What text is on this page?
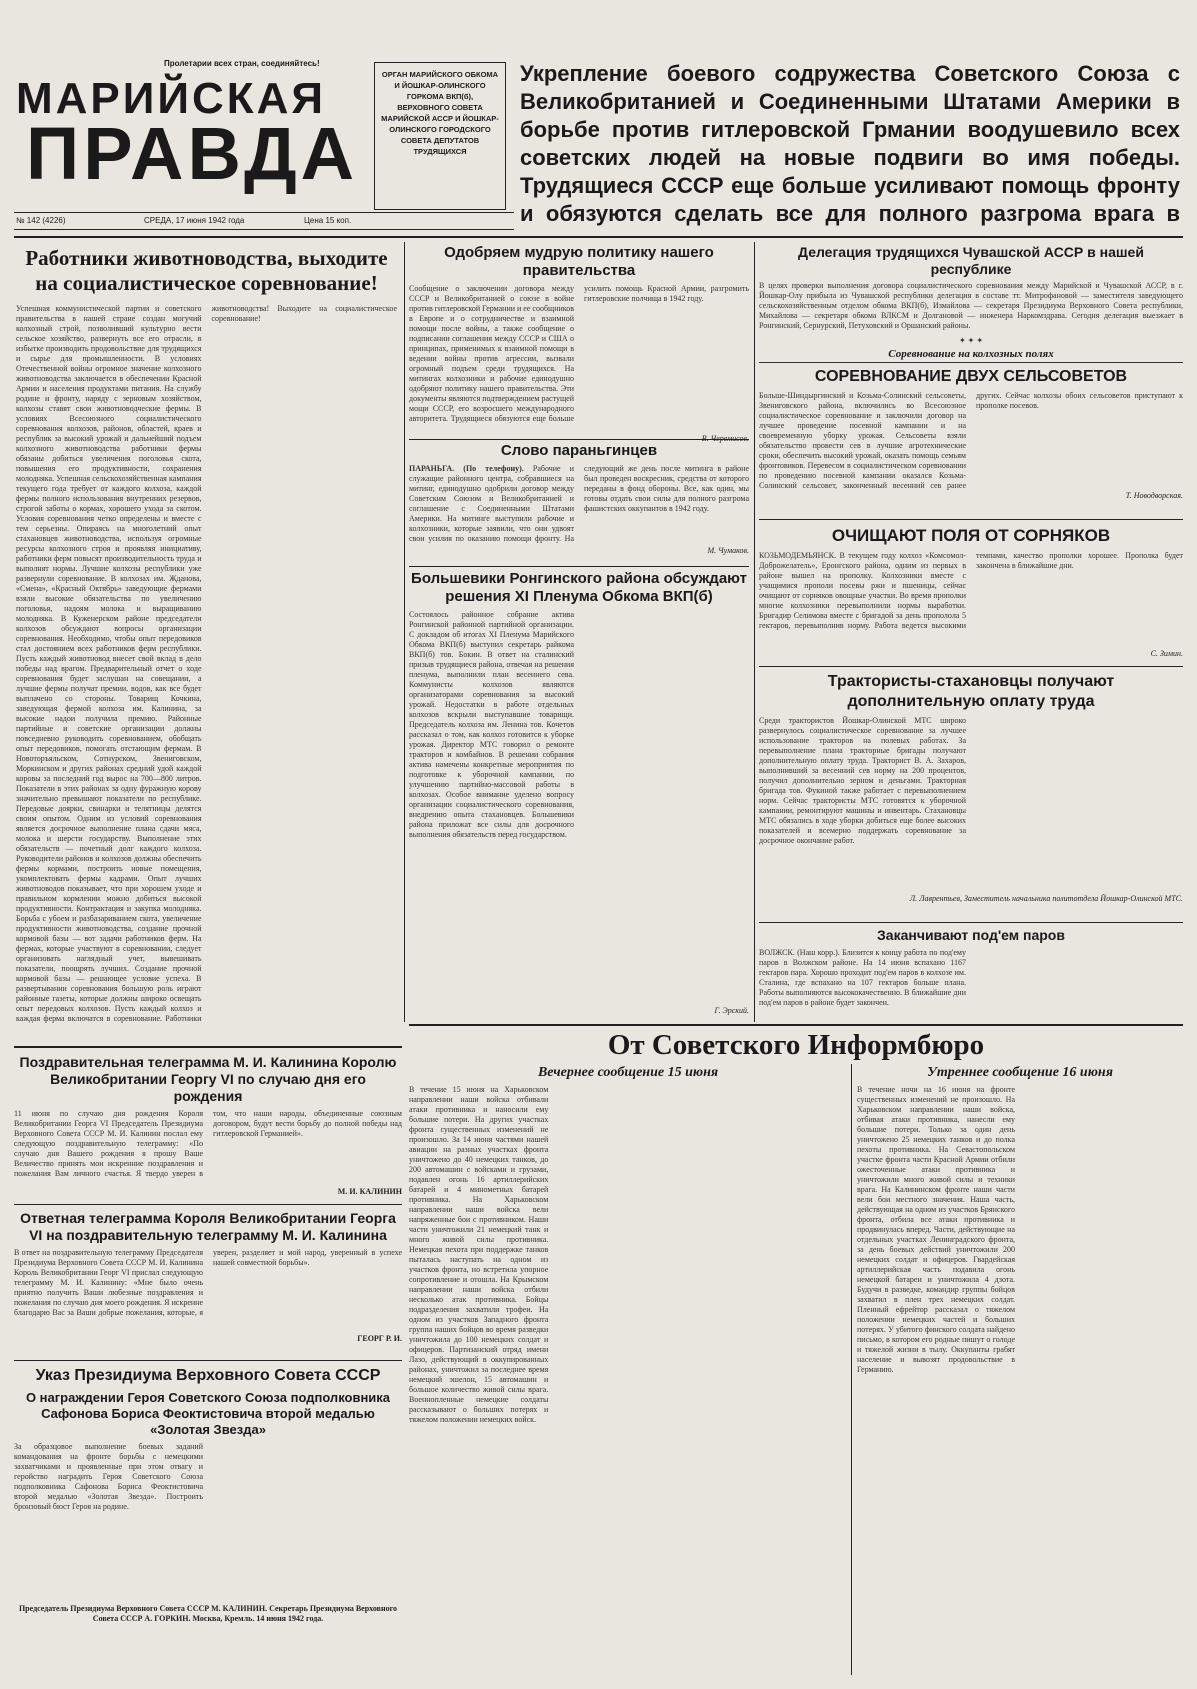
Пролетарии всех стран, соединяйтесь!
МАРИЙСКАЯ
ПРАВДА
ОРГАН МАРИЙСКОГО ОБКОМА И ЙОШКАР-ОЛИНСКОГО ГОРКОМА ВКП(б), ВЕРХОВНОГО СОВЕТА МАРИЙСКОЙ АССР И ЙОШКАР-ОЛИНСКОГО ГОРОДСКОГО СОВЕТА ДЕПУТАТОВ ТРУДЯЩИХСЯ
№ 142 (4226)	СРЕДА, 17 июня 1942 года	Цена 15 коп.
Укрепление боевого содружества Советского Союза с Великобританией и Соединенными Штатами Америки в борьбе против гитлеровской Грмании воодушевило всех советских людей на новые подвиги во имя победы. Трудящиеся СССР еще больше усиливают помощь фронту и обязуются сделать все для полного разгрома врага в
Работники животноводства, выходите на социалистическое соревнование!
Успешная коммунистической партии и советского правительства в нашей стране создан могучий колхозный строй, позволивший культурно вести сельское хозяйство, развернуть все его отрасли, в избытке производить продовольствие для трудящихся и сырье для промышленности. В условиях Отечественной войны огромное значение колхозного животноводства заключается в обеспечении Красной Армии и населения продуктами питания. На службу родине и фронту, наряду с зерновым хозяйством, колхозы ставят свои животноводческие фермы. В условиях Всесоюзного социалистического соревнования колхозов, районов, областей, краев и республик за высокий урожай и дальнейший подъем колхозного животноводства работники фермы обязаны добиться увеличения поголовья скота, повышения его продуктивности, сохранения молодняка. Успешная сельскохозяйственная кампания текущего года требует от каждого колхоза, каждой фермы полного использования внутренних резервов, строгой заботы о кормах, хорошего ухода за скотом. Условия соревнования четко определены и вместе с тем серьезны. Опираясь на многолетний опыт стахановцев животноводства, используя огромные ресурсы колхозного строя и проявляя инициативу, работники ферм повысят производительность труда и выполнят нормы. Лучшие колхозы республики уже развернули соревнование. В колхозах им. Жданова, «Смена», «Красный Октябрь» заведующие фермами взяли высокие обязательства по увеличению поголовья, надоям молока и выращиванию молодняка. В Куженерском районе председатели колхозов обсуждают вопросы организации соревнования. Необходимо, чтобы опыт передовиков стал достоянием всех работников ферм республики. Пусть каждый животновод внесет свой вклад в дело победы над врагом. Предварительный отчет о ходе соревнования будет заслушан на совещании, а лучшие фермы получат премии. водов, как все будет выплачено со стороны. Товарищ Кочкина, заведующая фермой колхоза им. Калинина, за высокие надои получила премию. Районные партийные и советские организации должны повседневно руководить соревнованием, обобщать опыт передовиков, помогать отстающим фермам. В Новоторъяльском, Сотнурском, Звениговском, Моркинском и других районах средний удой каждой коровы за последний год вырос на 700—800 литров. Показатели в этих районах за одну фуражную корову значительно превышают показатели по республике. Передовые доярки, свинарки и телятницы делятся своим опытом. Одним из условий соревнования является досрочное выполнение плана сдачи мяса, молока и шерсти государству. Выполнение этих обязательств — почетный долг каждого колхоза. Руководители районов и колхозов должны обеспечить фермы кормами, построить новые помещения, укомплектовать фермы кадрами. Опыт лучших животноводов показывает, что при хорошем уходе и правильном кормлении можно добиться высокой продуктивности. Контрактация и закупка молодняка. Борьба с убоем и разбазариванием скота, увеличение продуктивности животноводства, создание прочной кормовой базы — вот задачи работников ферм. На фермах, которые участвуют в соревновании, следует организовать наглядный учет, вывешивать показатели, поощрять лучших. Создание прочной кормовой базы — решающее условие успеха. В развертывании соревнования большую роль играют районные газеты, которые должны широко освещать опыт передовых колхозов. Пусть каждый колхоз и каждая ферма включатся в соревнование. Работники животноводства! Выходите на социалистическое соревнование!
Одобряем мудрую политику нашего правительства
Сообщение о заключении договора между СССР и Великобританией о союзе в войне против гитлеровской Германии и ее сообщников в Европе и о сотрудничестве и взаимной помощи после войны, а также сообщение о подписании соглашения между СССР и США о принципах, применимых к взаимной помощи в ведении войны против агрессии, вызвали огромный подъем среди трудящихся. На митингах колхозники и рабочие единодушно одобряют политику нашего правительства. Эти документы являются подтверждением растущей мощи СССР, его возросшего международного авторитета. Трудящиеся обязуются еще больше усилить помощь Красной Армии, разгромить гитлеровские полчища в 1942 году.
Слово параньгинцев
ПАРАНЬГА. (По телефону). Рабочие и служащие районного центра, собравшиеся на митинг, единодушно одобрили договор между Советским Союзом и Великобританией и соглашение с Соединенными Штатами Америки. На митинге выступили рабочие и колхозники, которые заявили, что они удвоят свои усилия по оказанию помощи фронту. На следующий же день после митинга в районе был проведен воскресник, средства от которого переданы в фонд обороны. Все, как один, мы готовы отдать свои силы для полного разгрома фашистских оккупантов в 1942 году.
М. Чумаков.
Большевики Ронгинского района обсуждают решения XI Пленума Обкома ВКП(б)
Состоялось районное собрание актива Ронгинской районной партийной организации. С докладом об итогах XI Пленума Марийского Обкома ВКП(б) выступил секретарь райкома ВКП(б) тов. Бокин. В ответ на сталинский призыв трудящиеся района, отвечая на решения пленума, выполнили план весеннего сева. Коммунисты колхозов являются организаторами соревнования за высокий урожай. Недостатки в работе отдельных колхозов вскрыли выступавшие товарищи. Председатель колхоза им. Ленина тов. Кочетов рассказал о том, как колхоз готовится к уборке урожая. Директор МТС говорил о ремонте тракторов и комбайнов. В решении собрания актива намечены конкретные мероприятия по подготовке к уборочной кампании, по улучшению партийно-массовой работы в колхозах. Особое внимание уделено вопросу организации социалистического соревнования, внедрению опыта стахановцев. Большевики района приложат все силы для досрочного выполнения обязательств перед государством.
Г. Эрский.
Делегация трудящихся Чувашской АССР в нашей республике
В целях проверки выполнения договора социалистического соревнования между Марийской и Чувашской АССР, в г. Йошкар-Олу прибыла из Чувашской республики делегация в составе тт. Митрофановой — заместителя заведующего сельскохозяйственным отделом обкома ВКП(б), Измайлова — секретаря Президиума Верховного Совета республики, Михайлова — секретаря обкома ВЛКСМ и Долгановой — инженера Наркомздрава. Сегодня делегация выезжает в Ронгинский, Сернурский, Петуховский и Оршанский районы.
✦ ✦ ✦
Соревнование на колхозных полях
СОРЕВНОВАНИЕ ДВУХ СЕЛЬСОВЕТОВ
Больше-Шиндыргинский и Козьма-Солинский сельсоветы, Звениговского района, включились во Всесоюзное социалистическое соревнование и заключили договор на лучшее проведение посевной кампании и на своевременную уборку урожая. Сельсоветы взяли обязательство провести сев в лучшие агротехнические сроки, обеспечить высокий урожай, оказать помощь семьям фронтовиков. Перевесом в социалистическом соревновании по проведению посевной кампании оказался Козьма-Солинский сельсовет, законченный весенний сев ранее других. Сейчас колхозы обоих сельсоветов приступают к прополке посевов.
Т. Новодворская.
ОЧИЩАЮТ ПОЛЯ ОТ СОРНЯКОВ
КОЗЬМОДЕМЬЯНСК. В текущем году колхоз «Комсомол-Доброжелатель», Еронгского района, одним из первых в районе вышел на прополку. Колхозники вместе с учащимися прополи посевы ржи и пшеницы, сейчас очищают от сорняков овощные участки. Во время прополки многие колхозники перевыполнили нормы выработки. Бригадир Селимова вместе с бригадой за день прополола 5 гектаров, перевыполнив норму. Работа ведется высокими темпами, качество прополки хорошее. Прополка будет закончена в ближайшие дни.
С. Зимин.
Трактористы-стахановцы получают дополнительную оплату труда
Среди трактористов Йошкар-Олинской МТС широко развернулось социалистическое соревнование за лучшее использование тракторов на полевых работах. За перевыполнение плана тракторные бригады получают дополнительную оплату труда. Тракторист В. А. Захаров, выполнивший за весенний сев норму на 200 процентов, получил дополнительно зерном и деньгами. Тракторная бригада тов. Фукиной также работает с перевыполнением норм. Сейчас трактористы МТС готовятся к уборочной кампании, ремонтируют машины и инвентарь. Стахановцы МТС обязались в ходе уборки добиться еще более высоких показателей и всемерно поддержать соревнование за досрочное окончание работ.
Л. Лаврентьев, Заместитель начальника политотдела Йошкар-Олинской МТС.
Заканчивают под'ем паров
ВОЛЖСК. (Наш корр.). Близится к концу работа по под'ему паров в Волжском районе. На 14 июня вспахано 1167 гектаров пара. Хорошо проходит под'ем паров в колхозе им. Сталина, где вспахано на 107 гектаров больше плана. Работы выполняются высококачественно. В ближайшие дни под'ем паров в районе будет закончен.
От Советского Информбюро
Вечернее сообщение 15 июня
В течение 15 июня на Харьковском направлении наши войска отбивали атаки противника и наносили ему большие потери. На других участках фронта существенных изменений не произошло. За 14 июня частями нашей авиации на разных участках фронта уничтожено до 40 немецких танков, до 200 автомашин с войсками и грузами, подавлен огонь 16 артиллерийских батарей и 4 минометных батарей противника. На Харьковском направлении наши войска вели напряженные бои с противником. Наши части уничтожили 21 немецкий танк и много живой силы противника. Немецкая пехота при поддержке танков пыталась наступать на одном из участков фронта, но встретила упорное сопротивление и отошла. На Крымском направлении наши войска отбили несколько атак противника. Бойцы подразделения захватили трофеи. На одном из участков Западного фронта группа наших бойцов во время разведки уничтожила до 100 немецких солдат и офицеров. Партизанский отряд имени Лазо, действующий в оккупированных районах, уничтожил за последнее время немецкий эшелон, 15 автомашин и большое количество живой силы врага. Военнопленные немецкие солдаты рассказывают о больших потерях и тяжелом положении немецких войск.
Утреннее сообщение 16 июня
В течение ночи на 16 июня на фронте существенных изменений не произошло. На Харьковском направлении наши войска, отбивая атаки противника, нанесли ему большие потери. Только за один день уничтожено 25 немецких танков и до полка пехоты противника. На Севастопольском участке фронта части Красной Армии отбили ожесточенные атаки противника и уничтожили много живой силы и техники врага. На Калининском фронте наши части вели бои местного значения. Наша часть, действующая на одном из участков Брянского фронта, отбила все атаки противника и продвинулась вперед. Части, действующие на отдельных участках Ленинградского фронта, за день боевых действий уничтожили 200 немецких солдат и офицеров. Гвардейская артиллерийская часть подавила огонь немецкой батареи и уничтожила 4 дзота. Будучи в разведке, командир группы бойцов захватил в плен трех немецких солдат. Пленный ефрейтор рассказал о тяжелом положении немецких частей и больших потерях. У убитого финского солдата найдено письмо, в котором его родные пишут о голоде и тяжелой жизни в тылу. Оккупанты грабят население и вывозят продовольствие в Германию.
Поздравительная телеграмма М. И. Калинина Королю Великобритании Георгу VI по случаю дня его рождения
11 июня по случаю дня рождения Короля Великобритании Георга VI Председатель Президиума Верховного Совета СССР М. И. Калинин послал ему следующую поздравительную телеграмму: «По случаю дня Вашего рождения я прошу Ваше Величество принять мои искренние поздравления и пожелания Вам личного счастья. Я твердо уверен в том, что наши народы, объединенные союзным договором, будут вести борьбу до полной победы над гитлеровской Германией».
М. И. КАЛИНИН
Ответная телеграмма Короля Великобритании Георга VI на поздравительную телеграмму М. И. Калинина
В ответ на поздравительную телеграмму Председателя Президиума Верховного Совета СССР М. И. Калинина Король Великобритании Георг VI прислал следующую телеграмму М. И. Калинину: «Мне было очень приятно получить Ваши любезные поздравления и пожелания по случаю дня моего рождения. Я искренне благодарю Вас за Ваши добрые пожелания, которые, я уверен, разделяет и мой народ, уверенный в успехе нашей совместной борьбы».
ГЕОРГ Р. И.
Указ Президиума Верховного Совета СССР
О награждении Героя Советского Союза подполковника Сафонова Бориса Феоктистовича второй медалью «Золотая Звезда»
За образцовое выполнение боевых заданий командования на фронте борьбы с немецкими захватчиками и проявленные при этом отвагу и геройство наградить Героя Советского Союза подполковника Сафонова Бориса Феоктистовича второй медалью «Золотая Звезда». Построить бронзовый бюст Героя на родине.
Председатель Президиума Верховного Совета СССР М. КАЛИНИН. Секретарь Президиума Верховного Совета СССР А. ГОРКИН. Москва, Кремль. 14 июня 1942 года.
